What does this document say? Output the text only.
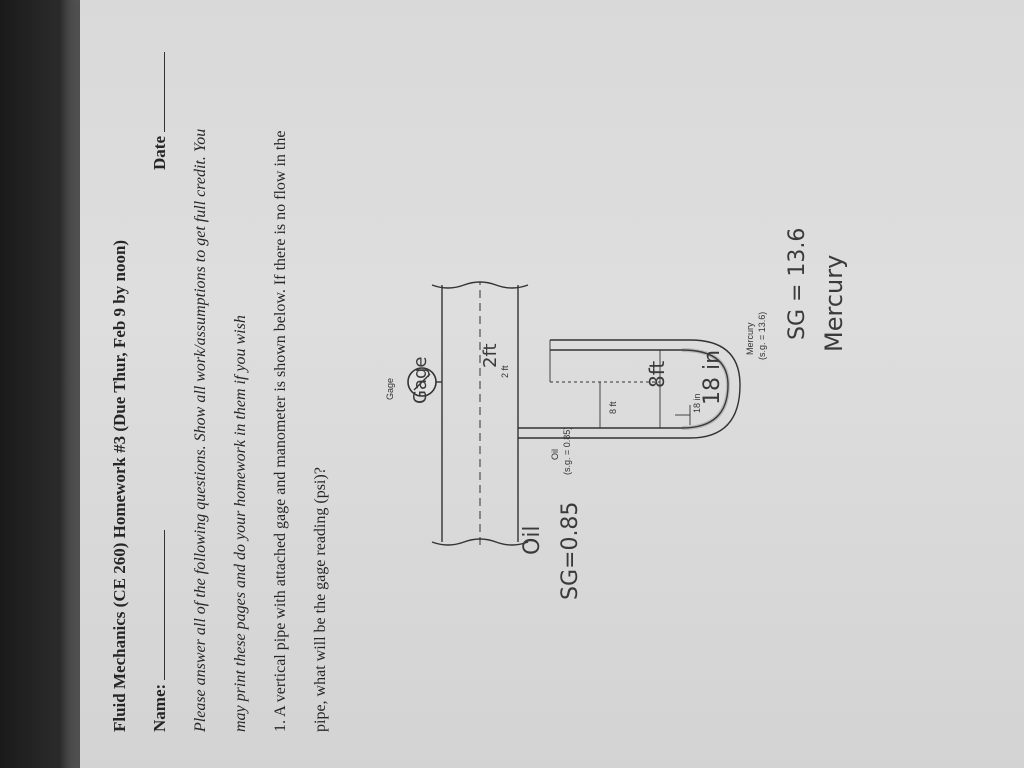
Fluid Mechanics (CE 260) Homework #3 (Due Thur, Feb 9 by noon) Name:
Date Please answer all of the following questions. Show all work/assumptions to get full credit. You may print these pages and do your homework in them if you wish 1. A vertical pipe with attached gage and manometer is shown below. If there is no flow in the pipe, what will be the gage reading (psi)?
Gage
Oil (s.g. = 0.85)
Mercury (s.g. = 13.6)
2 ft
8 ft	18 in
Gage
Oil SG=0.85
2ft
8ft 18 in
SG = 13.6 Mercury
